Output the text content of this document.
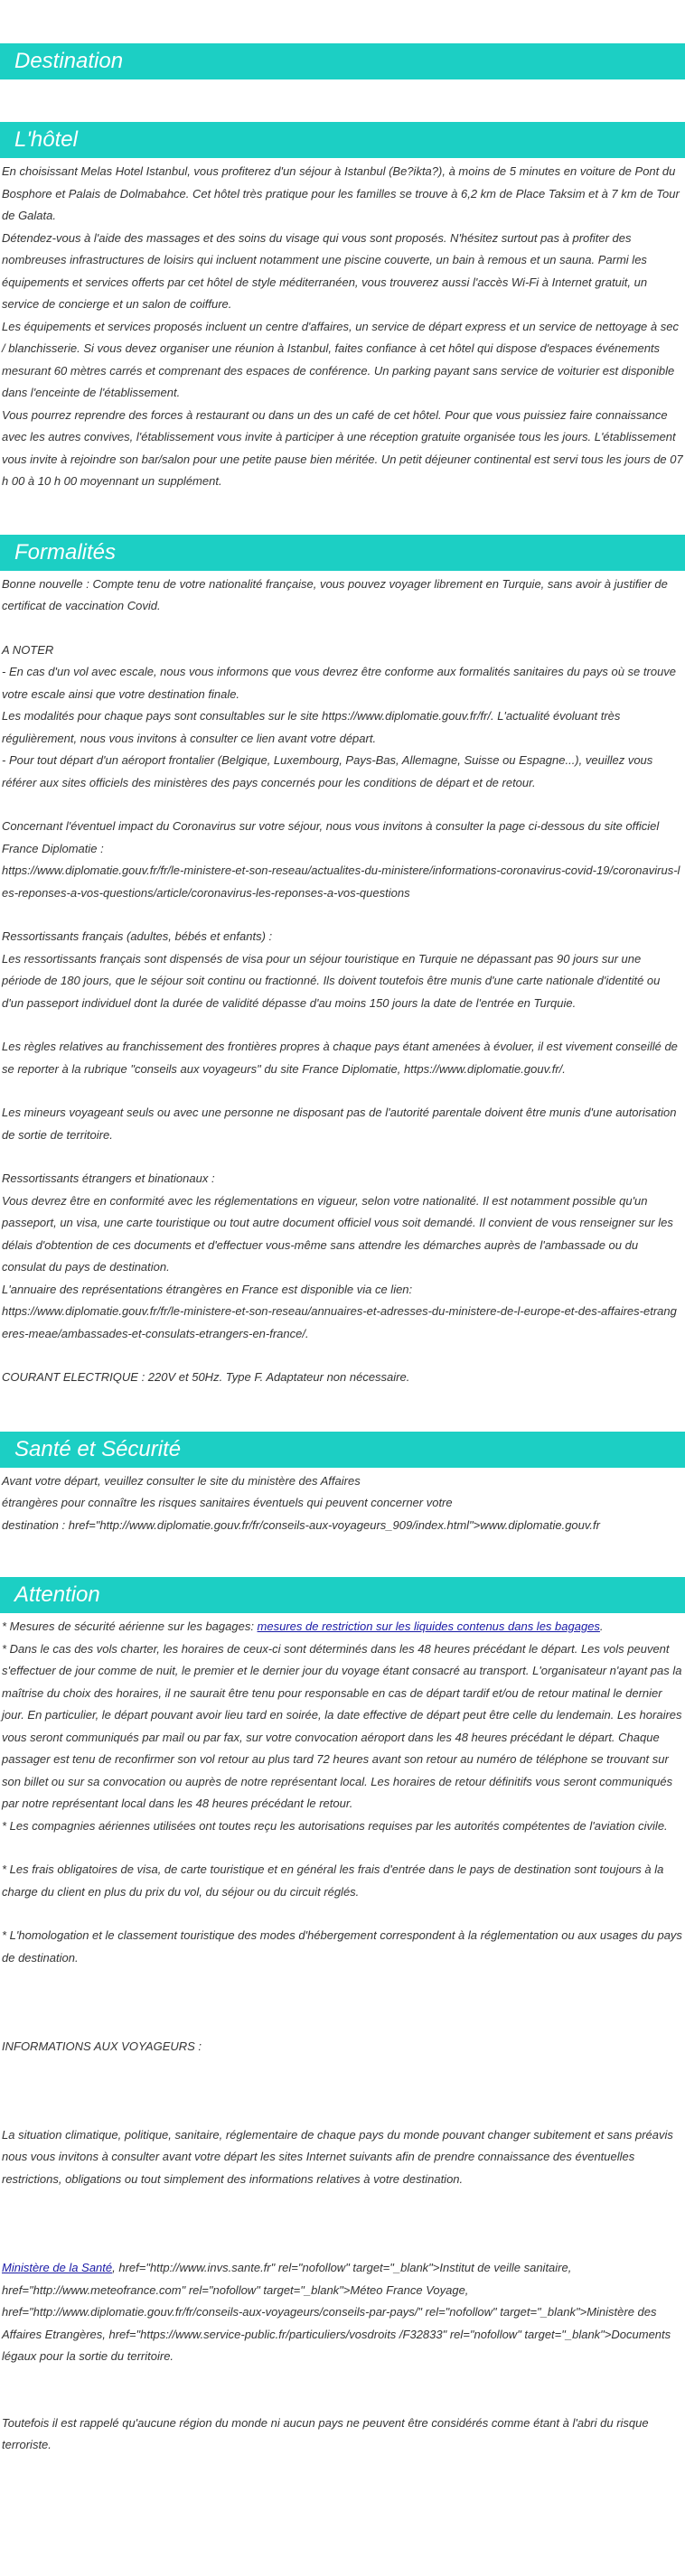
Destination
L'hôtel

En choisissant Melas Hotel Istanbul, vous profiterez d'un séjour à Istanbul (Be?ikta?), à moins de 5 minutes en voiture de Pont du Bosphore et Palais de Dolmabahce. Cet hôtel très pratique pour les familles se trouve à 6,2 km de Place Taksim et à 7 km de Tour de Galata.

Détendez-vous à l'aide des massages et des soins du visage qui vous sont proposés. N'hésitez surtout pas à profiter des nombreuses infrastructures de loisirs qui incluent notamment une piscine couverte, un bain à remous et un sauna. Parmi les équipements et services offerts par cet hôtel de style méditerranéen, vous trouverez aussi l'accès Wi-Fi à Internet gratuit, un service de concierge et un salon de coiffure.

Les équipements et services proposés incluent un centre d'affaires, un service de départ express et un service de nettoyage à sec / blanchisserie. Si vous devez organiser une réunion à Istanbul, faites confiance à cet hôtel qui dispose d'espaces événements mesurant 60 mètres carrés et comprenant des espaces de conférence. Un parking payant sans service de voiturier est disponible dans l'enceinte de l'établissement.

Vous pourrez reprendre des forces à restaurant ou dans un des un café de cet hôtel. Pour que vous puissiez faire connaissance avec les autres convives, l'établissement vous invite à participer à une réception gratuite organisée tous les jours. L'établissement vous invite à rejoindre son bar/salon pour une petite pause bien méritée. Un petit déjeuner continental est servi tous les jours de 07 h 00 à 10 h 00 moyennant un supplément.

Formalités

Bonne nouvelle : Compte tenu de votre nationalité française, vous pouvez voyager librement en Turquie, sans avoir à justifier de certificat de vaccination Covid.

A NOTER

- En cas d'un vol avec escale, nous vous informons que vous devrez être conforme aux formalités sanitaires du pays où se trouve votre escale ainsi que votre destination finale.

Les modalités pour chaque pays sont consultables sur le site https://www.diplomatie.gouv.fr/fr/. L'actualité évoluant très régulièrement, nous vous invitons à consulter ce lien avant votre départ.

- Pour tout départ d'un aéroport frontalier (Belgique, Luxembourg, Pays-Bas, Allemagne, Suisse ou Espagne...), veuillez vous référer aux sites officiels des ministères des pays concernés pour les conditions de départ et de retour.

Concernant l'éventuel impact du Coronavirus sur votre séjour, nous vous invitons à consulter la page ci-dessous du site officiel France Diplomatie :

https://www.diplomatie.gouv.fr/fr/le-ministere-et-son-reseau/actualites-du-ministere/informations-coronavirus-covid-19/coronavirus-les-reponses-a-vos-questions/article/coronavirus-les-reponses-a-vos-questions

Ressortissants français (adultes, bébés et enfants) :

Les ressortissants français sont dispensés de visa pour un séjour touristique en Turquie ne dépassant pas 90 jours sur une période de 180 jours, que le séjour soit continu ou fractionné. Ils doivent toutefois être munis d'une carte nationale d'identité ou d'un passeport individuel dont la durée de validité dépasse d'au moins 150 jours la date de l'entrée en Turquie.

Les règles relatives au franchissement des frontières propres à chaque pays étant amenées à évoluer, il est vivement conseillé de se reporter à la rubrique "conseils aux voyageurs" du site France Diplomatie, https://www.diplomatie.gouv.fr/.

Les mineurs voyageant seuls ou avec une personne ne disposant pas de l'autorité parentale doivent être munis d'une autorisation de sortie de territoire.

Ressortissants étrangers et binationaux :

Vous devrez être en conformité avec les réglementations en vigueur, selon votre nationalité. Il est notamment possible qu'un passeport, un visa, une carte touristique ou tout autre document officiel vous soit demandé. Il convient de vous renseigner sur les délais d'obtention de ces documents et d'effectuer vous-même sans attendre les démarches auprès de l'ambassade ou du consulat du pays de destination.

L'annuaire des représentations étrangères en France est disponible via ce lien:

https://www.diplomatie.gouv.fr/fr/le-ministere-et-son-reseau/annuaires-et-adresses-du-ministere-de-l-europe-et-des-affaires-etrangeres-meae/ambassades-et-consulats-etrangers-en-france/.

COURANT ELECTRIQUE : 220V et 50Hz. Type F. Adaptateur non nécessaire.

Santé et Sécurité

Avant votre départ, veuillez consulter le site du ministère des Affaires

étrangères pour connaître les risques sanitaires éventuels qui peuvent concerner votre

destination : href="http://www.diplomatie.gouv.fr/fr/conseils-aux-voyageurs_909/index.html">www.diplomatie.gouv.fr

Attention

* Mesures de sécurité aérienne sur les bagages: mesures de restriction sur les liquides contenus dans les bagages.

* Dans le cas des vols charter, les horaires de ceux-ci sont déterminés dans les 48 heures précédant le départ. Les vols peuvent s'effectuer de jour comme de nuit, le premier et le dernier jour du voyage étant consacré au transport. L'organisateur n'ayant pas la maîtrise du choix des horaires, il ne saurait être tenu pour responsable en cas de départ tardif et/ou de retour matinal le dernier jour. En particulier, le départ pouvant avoir lieu tard en soirée, la date effective de départ peut être celle du lendemain. Les horaires vous seront communiqués par mail ou par fax, sur votre convocation aéroport dans les 48 heures précédant le départ. Chaque passager est tenu de reconfirmer son vol retour au plus tard 72 heures avant son retour au numéro de téléphone se trouvant sur son billet ou sur sa convocation ou auprès de notre représentant local. Les horaires de retour définitifs vous seront communiqués par notre représentant local dans les 48 heures précédant le retour.

* Les compagnies aériennes utilisées ont toutes reçu les autorisations requises par les autorités compétentes de l'aviation civile.

* Les frais obligatoires de visa, de carte touristique et en général les frais d'entrée dans le pays de destination sont toujours à la charge du client en plus du prix du vol, du séjour ou du circuit réglés.

* L'homologation et le classement touristique des modes d'hébergement correspondent à la réglementation ou aux usages du pays de destination.

INFORMATIONS AUX VOYAGEURS :

La situation climatique, politique, sanitaire, réglementaire de chaque pays du monde pouvant changer subitement et sans préavis

nous vous invitons à consulter avant votre départ les sites Internet suivants afin de prendre connaissance des éventuelles restrictions, obligations ou tout simplement des informations relatives à votre destination.

Ministère de la Santé, href="http://www.invs.sante.fr" rel="nofollow" target="_blank">Institut de veille sanitaire, href="http://www.meteofrance.com" rel="nofollow" target="_blank">Méteo France Voyage, href="http://www.diplomatie.gouv.fr/fr/conseils-aux-voyageurs/conseils-par-pays/" rel="nofollow" target="_blank">Ministère des Affaires Etrangères, href="https://www.service-public.fr/particuliers/vosdroits /F32833" rel="nofollow" target="_blank">Documents légaux pour la sortie du territoire.

Toutefois il est rappelé qu'aucune région du monde ni aucun pays ne peuvent être considérés comme étant à l'abri du risque terroriste.
